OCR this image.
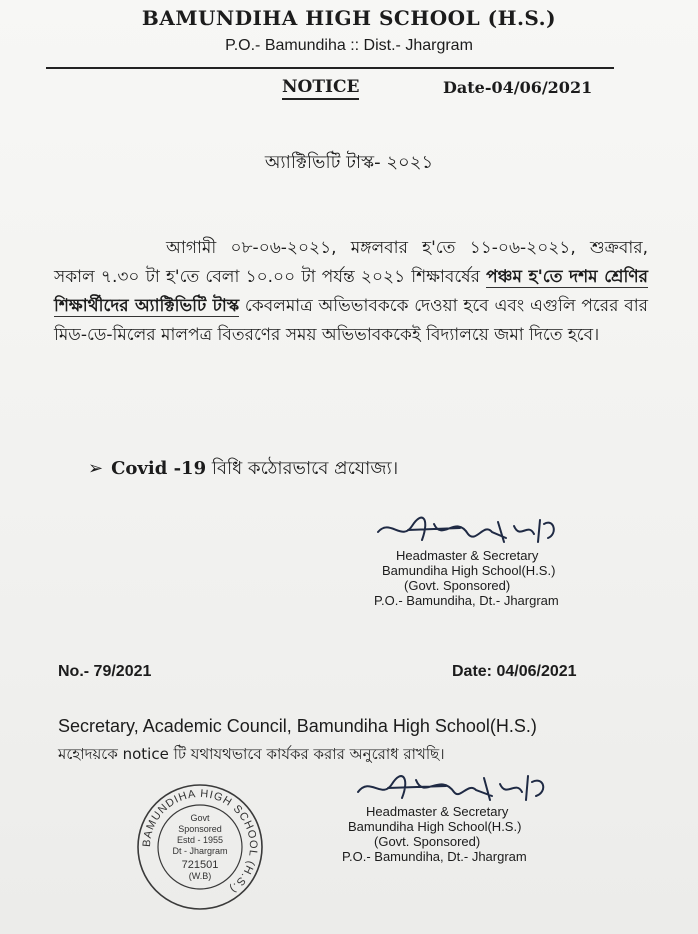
BAMUNDIHA HIGH SCHOOL (H.S.)
P.O.- Bamundiha :: Dist.- Jhargram
NOTICE	Date-04/06/2021
অ্যাক্টিভিটি টাস্ক- ২০২১
আগামী ০৮-০৬-২০২১, মঙ্গলবার হ'তে ১১-০৬-২০২১, শুক্রবার, সকাল ৭.৩০ টা হ'তে বেলা ১০.০০ টা পর্যন্ত ২০২১ শিক্ষাবর্ষের পঞ্চম হ'তে দশম শ্রেণির শিক্ষার্থীদের অ্যাক্টিভিটি টাস্ক কেবলমাত্র অভিভাবককে দেওয়া হবে এবং এগুলি পরের বার মিড-ডে-মিলের মালপত্র বিতরণের সময় অভিভাবককেই বিদ্যালয়ে জমা দিতে হবে।
➢ Covid -19 বিধি কঠোরভাবে প্রযোজ্য।
Headmaster & Secretary
Bamundiha High School(H.S.)
(Govt. Sponsored)
P.O.- Bamundiha, Dt.- Jhargram
No.- 79/2021	Date: 04/06/2021
Secretary, Academic Council, Bamundiha High School(H.S.)
মহোদয়কে notice টি যথাযথভাবে কার্যকর করার অনুরোধ রাখছি।
BAMUNDIHA HIGH SCHOOL (H.S.)
Govt
Sponsored
Estd - 1955
Dt - Jhargram
721501
(W.B)
Headmaster & Secretary
Bamundiha High School(H.S.)
(Govt. Sponsored)
P.O.- Bamundiha, Dt.- Jhargram
